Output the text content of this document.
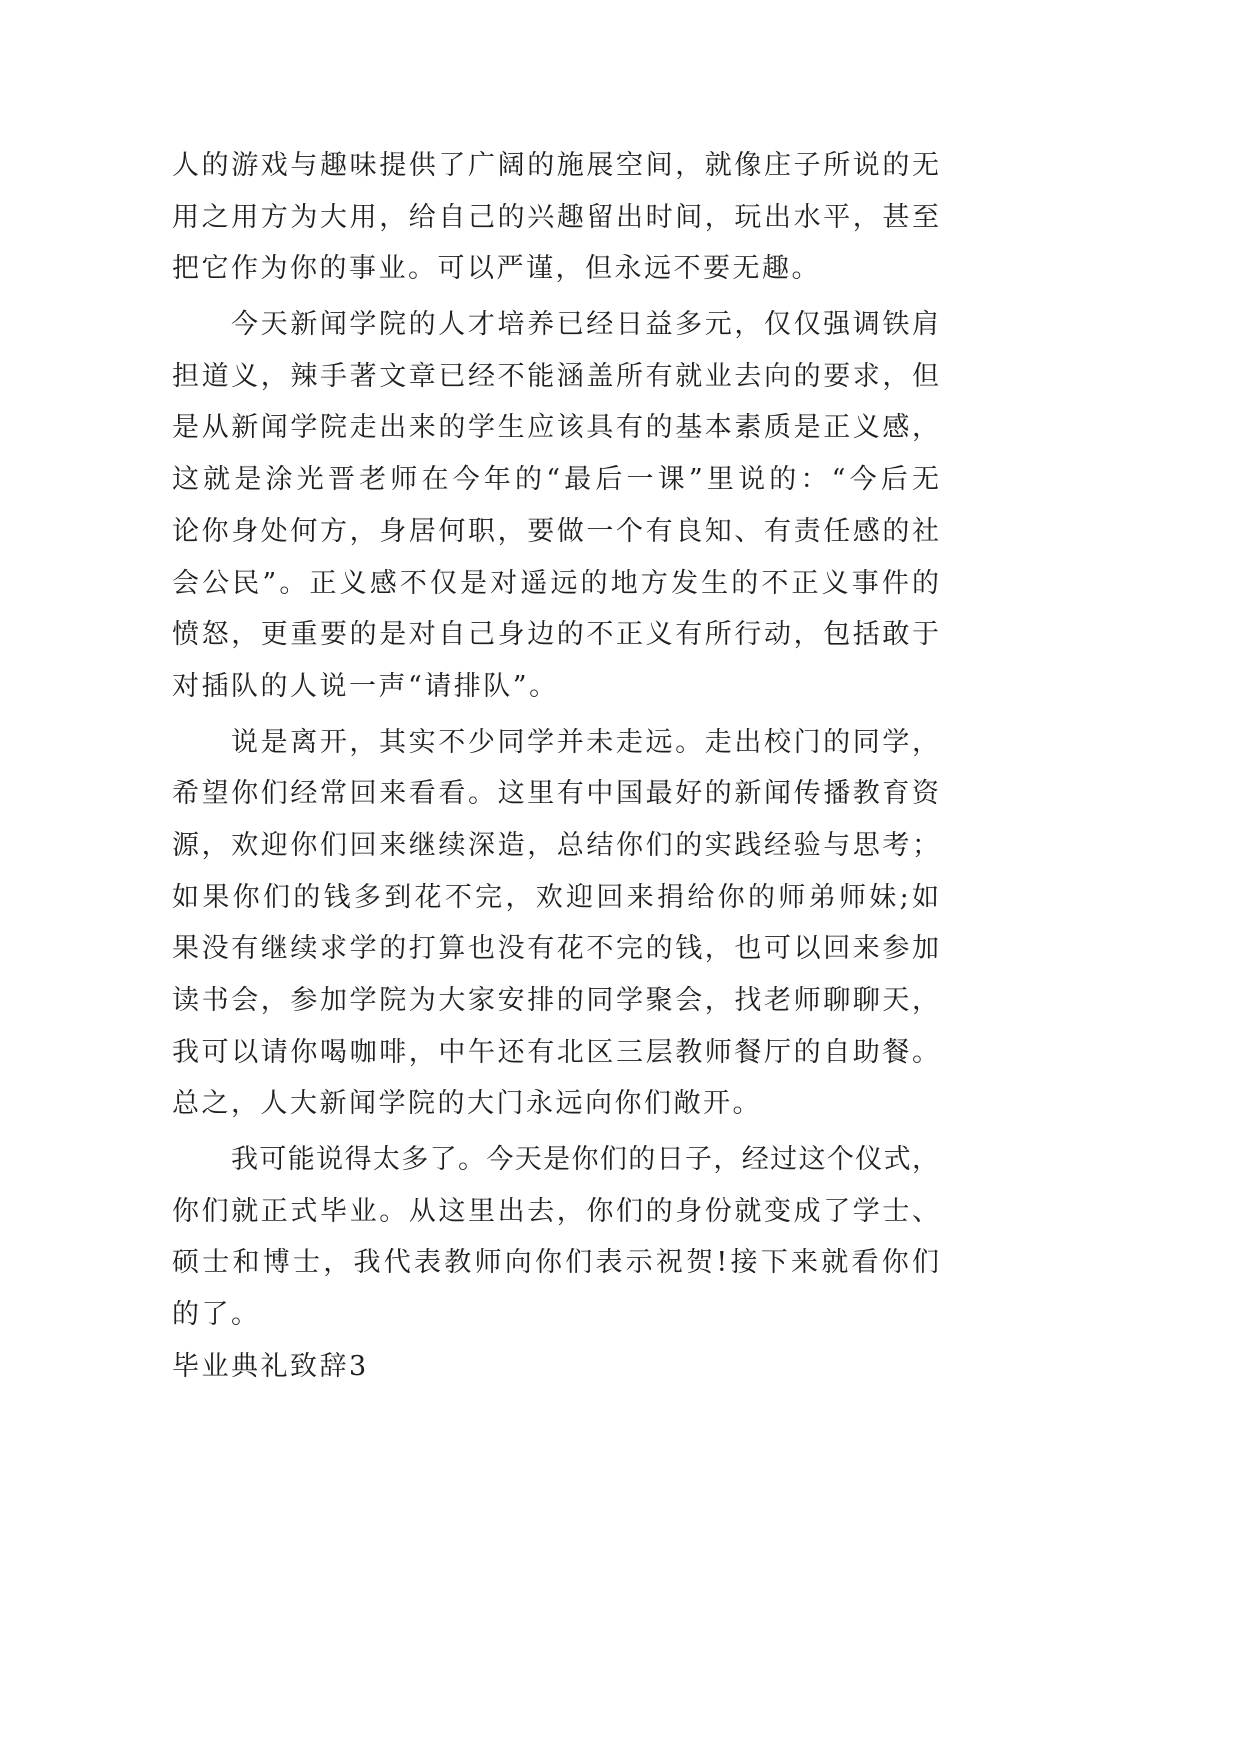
人的游戏与趣味提供了广阔的施展空间，就像庄子所说的无
用之用方为大用，给自己的兴趣留出时间，玩出水平，甚至
把它作为你的事业。可以严谨，但永远不要无趣。
今天新闻学院的人才培养已经日益多元，仅仅强调铁肩
担道义，辣手著文章已经不能涵盖所有就业去向的要求，但
是从新闻学院走出来的学生应该具有的基本素质是正义感，
这就是涂光晋老师在今年的“最后一课”里说的：“今后无
论你身处何方，身居何职，要做一个有良知、有责任感的社
会公民”。正义感不仅是对遥远的地方发生的不正义事件的
愤怒，更重要的是对自己身边的不正义有所行动，包括敢于
对插队的人说一声“请排队”。
说是离开，其实不少同学并未走远。走出校门的同学，
希望你们经常回来看看。这里有中国最好的新闻传播教育资
源，欢迎你们回来继续深造，总结你们的实践经验与思考；
如果你们的钱多到花不完，欢迎回来捐给你的师弟师妹;如
果没有继续求学的打算也没有花不完的钱，也可以回来参加
读书会，参加学院为大家安排的同学聚会，找老师聊聊天，
我可以请你喝咖啡，中午还有北区三层教师餐厅的自助餐。
总之，人大新闻学院的大门永远向你们敞开。
我可能说得太多了。今天是你们的日子，经过这个仪式，
你们就正式毕业。从这里出去，你们的身份就变成了学士、
硕士和博士，我代表教师向你们表示祝贺!接下来就看你们
的了。
毕业典礼致辞3
